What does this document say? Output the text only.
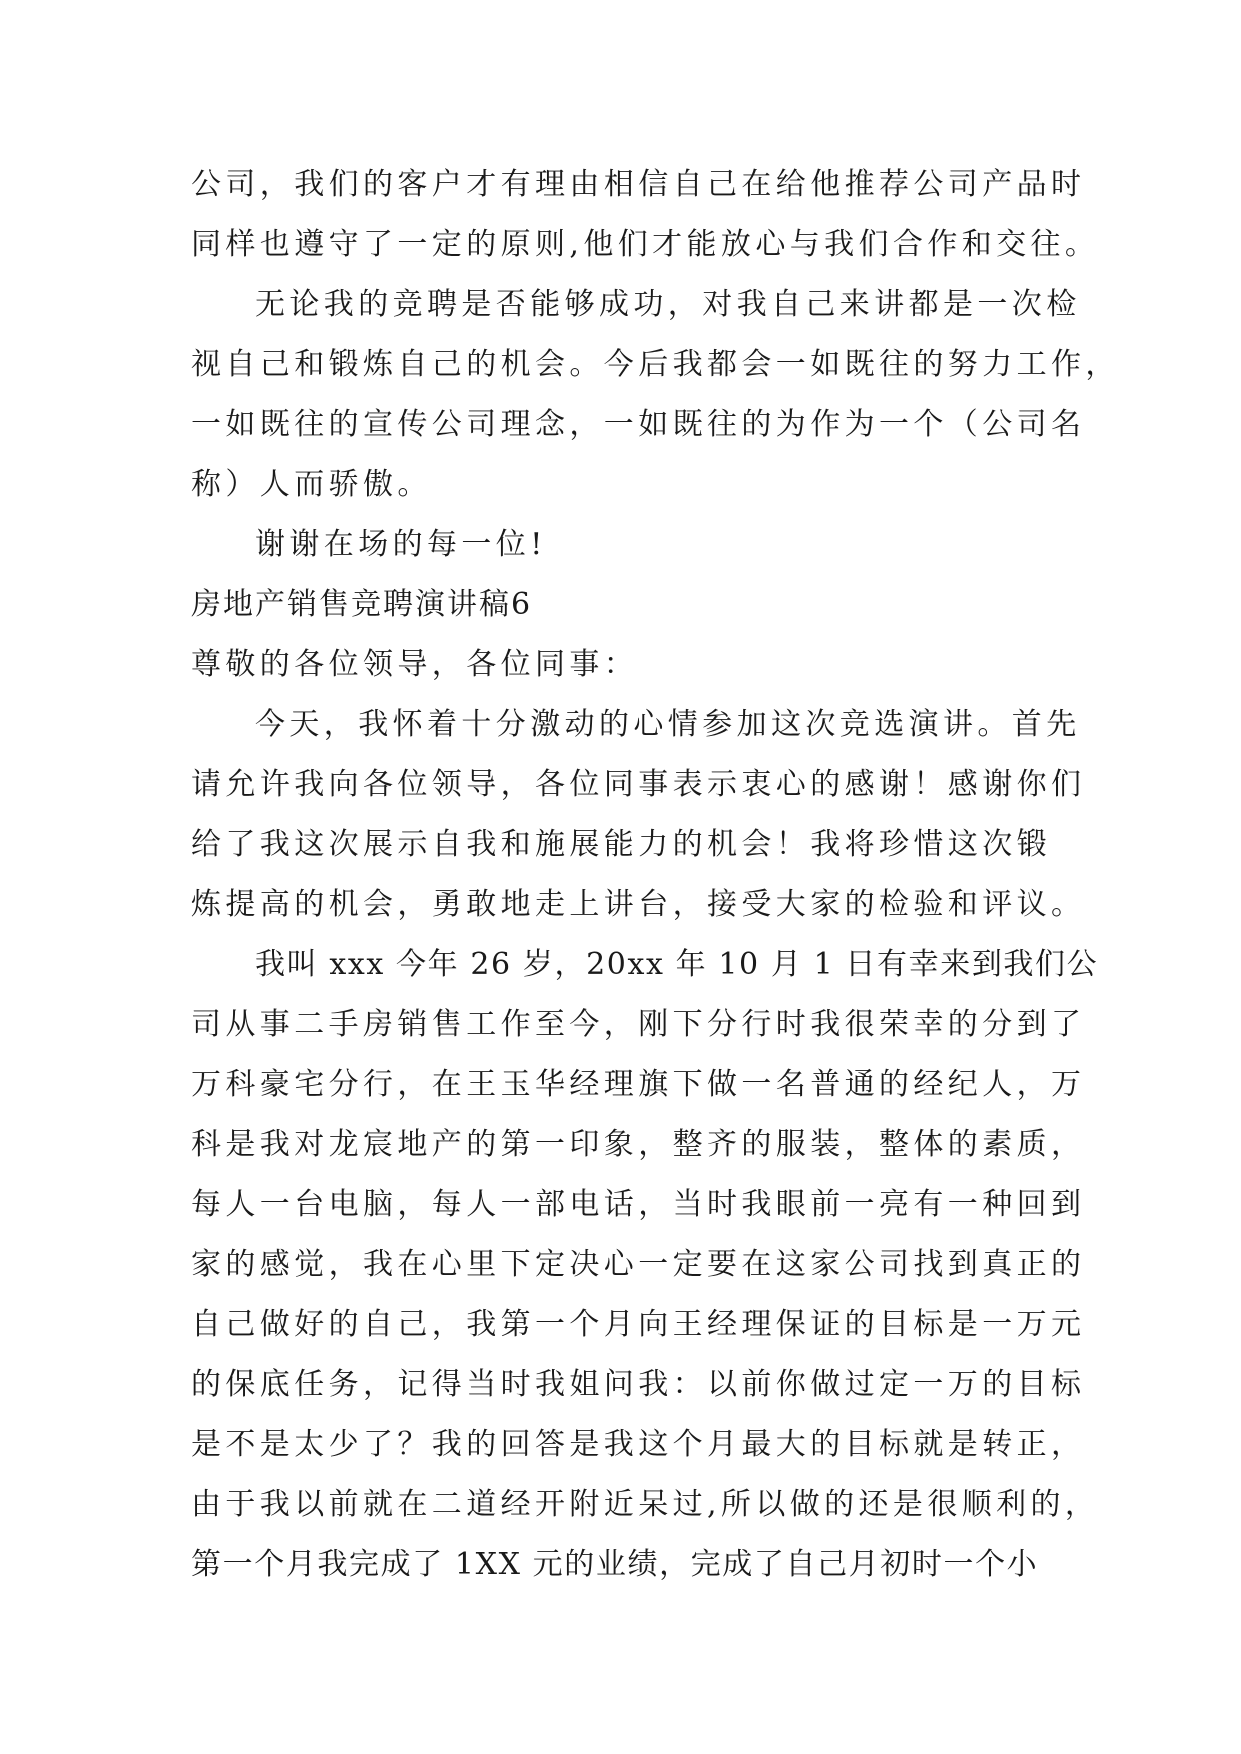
公司，我们的客户才有理由相信自己在给他推荐公司产品时
同样也遵守了一定的原则,他们才能放心与我们合作和交往。
无论我的竞聘是否能够成功，对我自己来讲都是一次检
视自己和锻炼自己的机会。今后我都会一如既往的努力工作，
一如既往的宣传公司理念，一如既往的为作为一个（公司名
称）人而骄傲。
谢谢在场的每一位!
房地产销售竞聘演讲稿6
尊敬的各位领导，各位同事：
今天，我怀着十分激动的心情参加这次竞选演讲。首先
请允许我向各位领导，各位同事表示衷心的感谢！感谢你们
给了我这次展示自我和施展能力的机会！我将珍惜这次锻
炼提高的机会，勇敢地走上讲台，接受大家的检验和评议。
我叫 xxx 今年 26 岁，20xx 年 10 月 1 日有幸来到我们公
司从事二手房销售工作至今，刚下分行时我很荣幸的分到了
万科豪宅分行，在王玉华经理旗下做一名普通的经纪人，万
科是我对龙宸地产的第一印象，整齐的服装，整体的素质，
每人一台电脑，每人一部电话，当时我眼前一亮有一种回到
家的感觉，我在心里下定决心一定要在这家公司找到真正的
自己做好的自己，我第一个月向王经理保证的目标是一万元
的保底任务，记得当时我姐问我：以前你做过定一万的目标
是不是太少了？我的回答是我这个月最大的目标就是转正，
由于我以前就在二道经开附近呆过,所以做的还是很顺利的，
第一个月我完成了 1XX 元的业绩，完成了自己月初时一个小
